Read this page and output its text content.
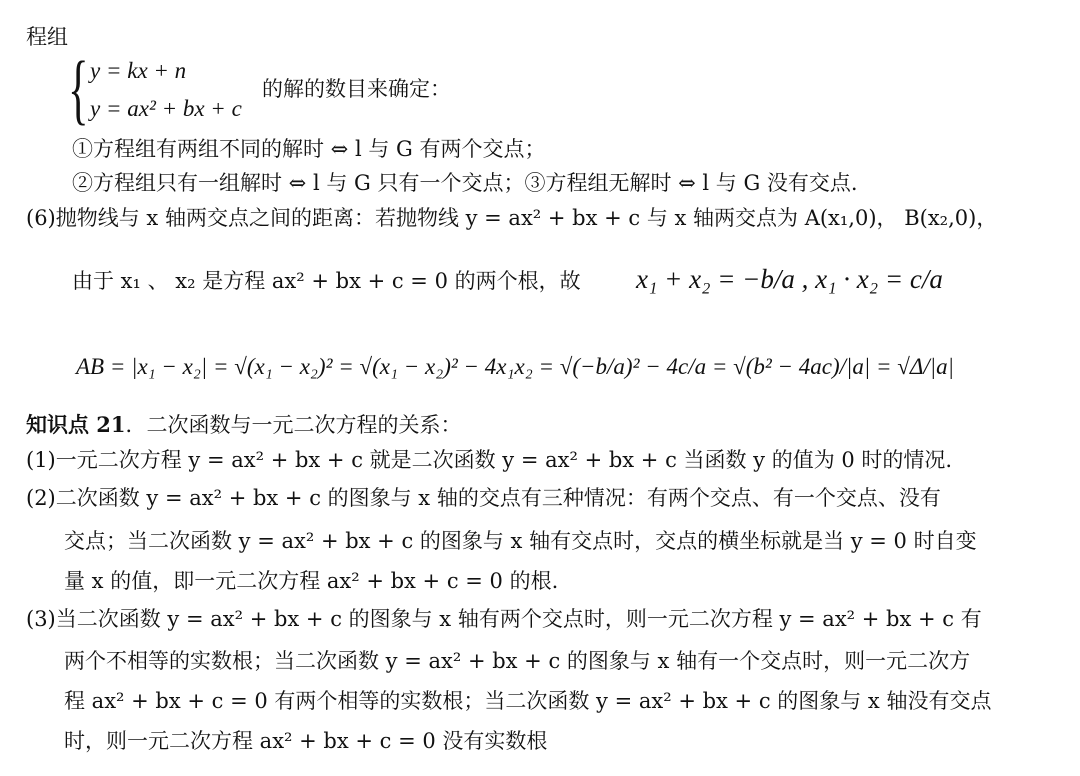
程组
{ y = kx + n
y = ax² + bx + c
的解的数目来确定：
①方程组有两组不同的解时 ⇔ l 与 G 有两个交点；
②方程组只有一组解时 ⇔ l 与 G 只有一个交点；③方程组无解时 ⇔ l 与 G 没有交点.
(6)抛物线与 x 轴两交点之间的距离：若抛物线 y = ax² + bx + c 与 x 轴两交点为 A(x₁,0)， B(x₂,0)，
由于 x₁ 、 x₂ 是方程 ax² + bx + c = 0 的两个根，故 x₁ + x₂ = −b/a , x₁ · x₂ = c/a
AB = |x₁ − x₂| = √(x₁ − x₂)² = √(x₁ − x₂)² − 4x₁x₂ = √(−b/a)² − 4c/a = √(b² − 4ac)/|a| = √Δ/|a|
知识点 21．二次函数与一元二次方程的关系：
(1)一元二次方程 y = ax² + bx + c 就是二次函数 y = ax² + bx + c 当函数 y 的值为 0 时的情况.
(2)二次函数 y = ax² + bx + c 的图象与 x 轴的交点有三种情况：有两个交点、有一个交点、没有
交点；当二次函数 y = ax² + bx + c 的图象与 x 轴有交点时，交点的横坐标就是当 y = 0 时自变
量 x 的值，即一元二次方程 ax² + bx + c = 0 的根.
(3)当二次函数 y = ax² + bx + c 的图象与 x 轴有两个交点时，则一元二次方程 y = ax² + bx + c 有
两个不相等的实数根；当二次函数 y = ax² + bx + c 的图象与 x 轴有一个交点时，则一元二次方
程 ax² + bx + c = 0 有两个相等的实数根；当二次函数 y = ax² + bx + c 的图象与 x 轴没有交点
时，则一元二次方程 ax² + bx + c = 0 没有实数根
